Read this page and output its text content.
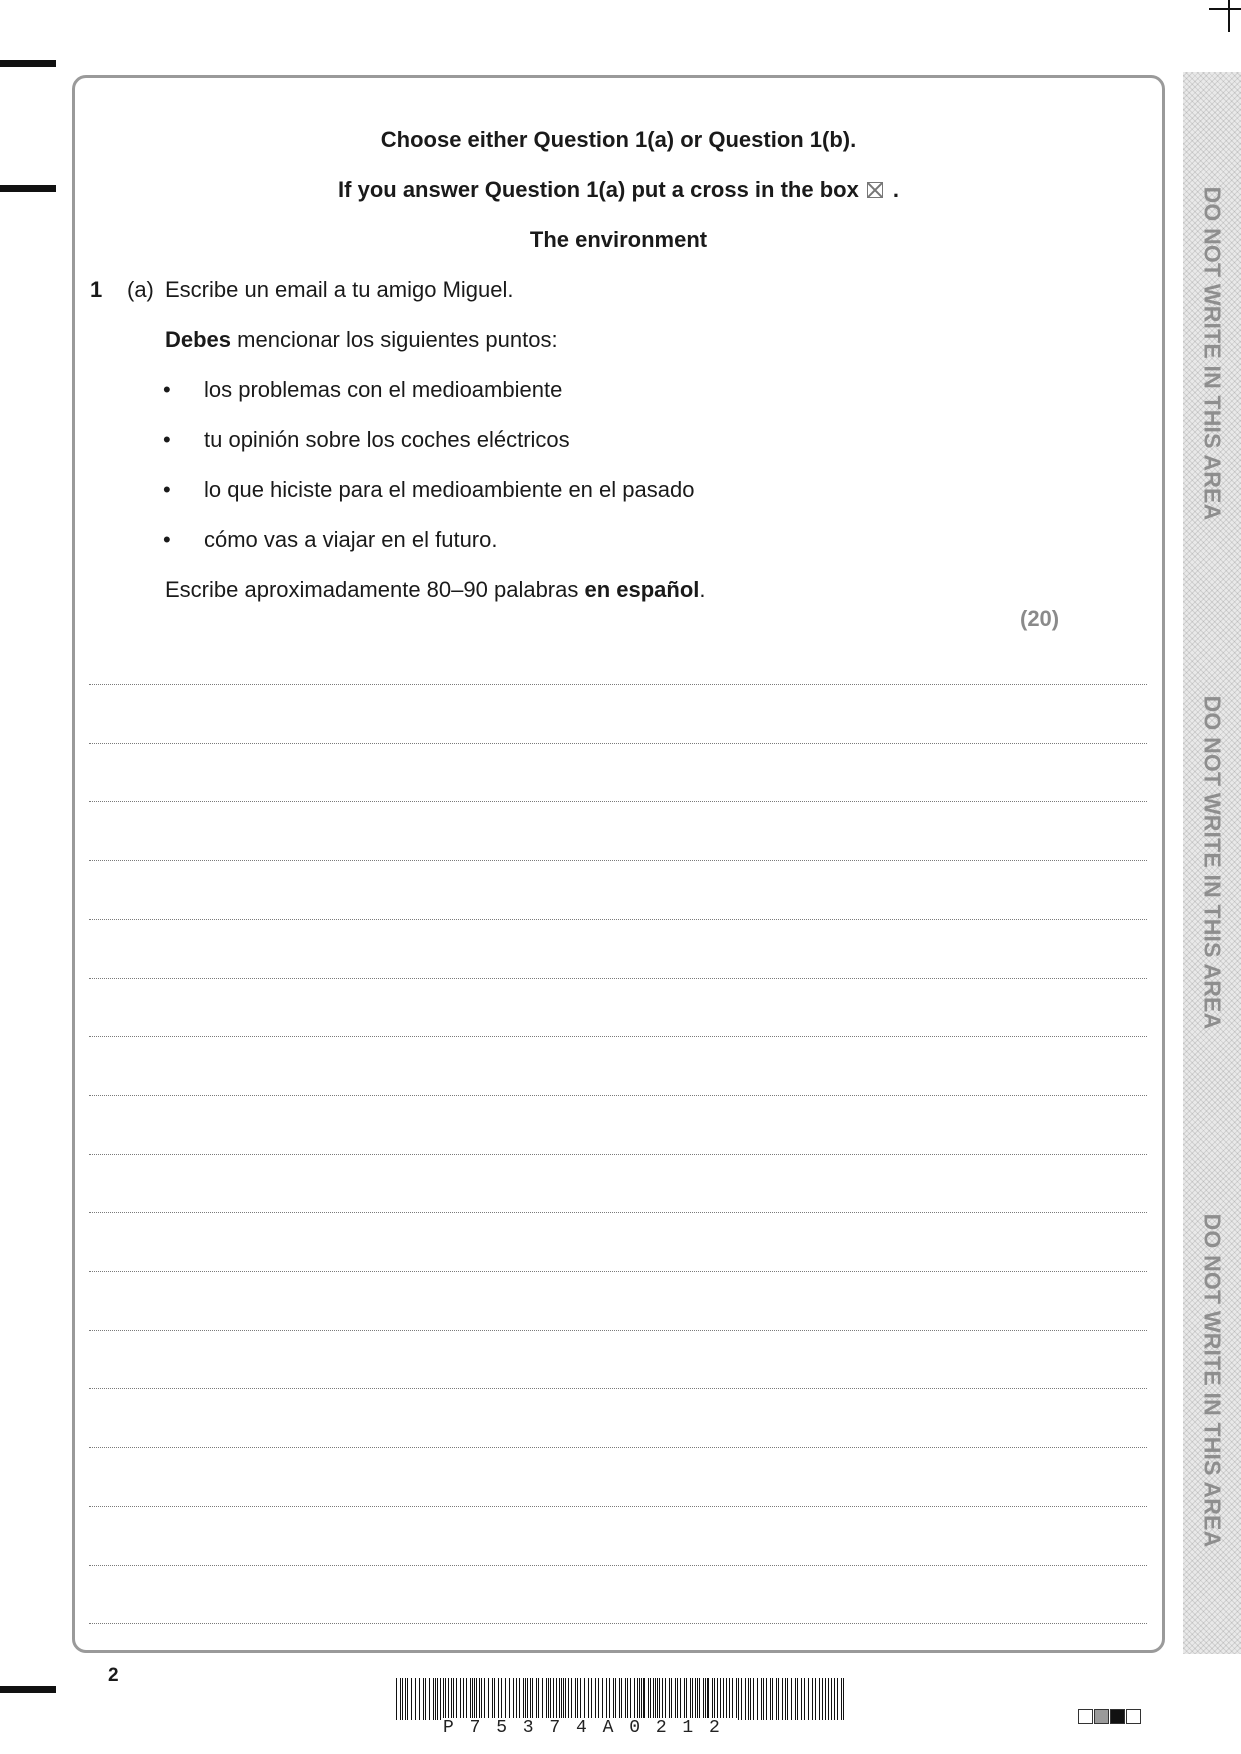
DO NOT WRITE IN THIS AREA
DO NOT WRITE IN THIS AREA
DO NOT WRITE IN THIS AREA
Choose either Question 1(a) or Question 1(b).
If you answer Question 1(a) put a cross in the box ☒ .
The environment
1 (a) Escribe un email a tu amigo Miguel.
Debes mencionar los siguientes puntos:
• los problemas con el medioambiente
• tu opinión sobre los coches eléctricos
• lo que hiciste para el medioambiente en el pasado
• cómo vas a viajar en el futuro.
Escribe aproximadamente 80–90 palabras en español.
(20)
2
P75374A0212
